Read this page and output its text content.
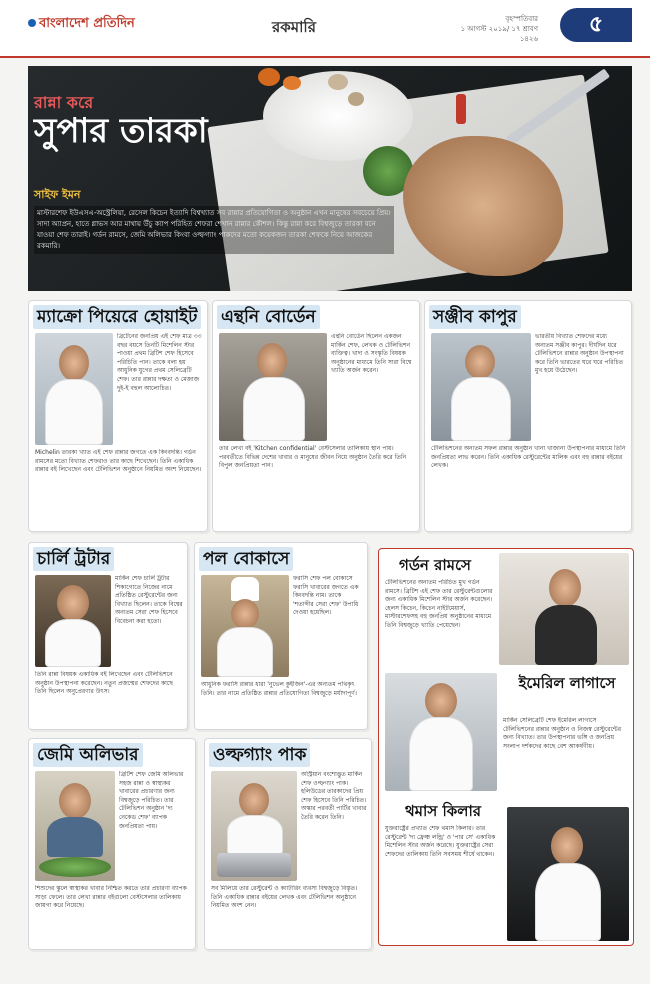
বাংলাদেশ প্রতিদিন	রকমারি	বৃহস্পতিবার
১ আগস্ট ২০১৯/ ১৭ শ্রাবণ ১৪২৬
৫
রান্না করে
সুপার তারকা
সাইফ ইমন
মাস্টারশেফ ইউএসএ-অস্ট্রেলিয়া, রেসেল কিচেন ইত্যাদি বিশ্বখ্যাত সব রান্নার প্রতিযোগিতা ও অনুষ্ঠান এখন মানুষের সবচেয়ে প্রিয়। সাদা অ্যাপ্রন, হাতে গ্লাভস আর মাথায় উঁচু ক্যাপ পরিহিত শেফরা শেখান রান্নার কৌশল। কিন্তু রান্না করে বিশ্বজুড়ে তারকা বনে যাওয়া শেফ তারাই। গর্ডন রামসে, জেমি অলিভার কিংবা ওল্ফগ্যাং পাকদের মতো কয়েকজন তারকা শেফকে নিয়ে আজকের রকমারি।
ম্যাক্রো পিয়েরে হোয়াইট
ব্রিটেনের জনপ্রিয় এই শেফ মাত্র ৩৩ বছর বয়সে তিনটি মিশেলিন স্টার পাওয়া প্রথম ব্রিটিশ শেফ হিসেবে পরিচিতি পান। তাকে বলা হয় আধুনিক যুগের প্রথম সেলিব্রেটি শেফ। তার রান্নার দক্ষতা ও মেজাজ দুই-ই বহুল আলোচিত।
Michelin তারকা খ্যাত এই শেফ রান্নার জগতে এক কিংবদন্তি। গর্ডন রামসের মতো বিখ্যাত শেফরাও তার কাছে শিখেছেন। তিনি একাধিক রান্নার বই লিখেছেন এবং টেলিভিশন অনুষ্ঠানে নিয়মিত অংশ নিয়েছেন।
এন্থনি বোর্ডেন
এন্থনি বোর্ডেন ছিলেন একজন মার্কিন শেফ, লেখক ও টেলিভিশন ব্যক্তিত্ব। খাদ্য ও সংস্কৃতি বিষয়ক অনুষ্ঠানের মাধ্যমে তিনি সারা বিশ্বে খ্যাতি অর্জন করেন।
তার লেখা বই 'Kitchen confidential' বেস্টসেলার তালিকায় স্থান পায়। পরবর্তীতে বিভিন্ন দেশের খাবার ও মানুষের জীবন নিয়ে অনুষ্ঠান তৈরি করে তিনি বিপুল জনপ্রিয়তা পান।
সঞ্জীব কাপুর
ভারতীয় বিখ্যাত শেফদের মধ্যে অন্যতম সঞ্জীব কাপুর। দীর্ঘদিন ধরে টেলিভিশনে রান্নার অনুষ্ঠান উপস্থাপনা করে তিনি ভারতের ঘরে ঘরে পরিচিত মুখ হয়ে উঠেছেন।
টেলিভিশনের অন্যতম সফল রান্নার অনুষ্ঠান খানা খাজানা উপস্থাপনার মাধ্যমে তিনি জনপ্রিয়তা লাভ করেন। তিনি একাধিক রেস্টুরেন্টের মালিক এবং বহু রান্নার বইয়ের লেখক।
চার্লি ট্রটার
মার্কিন শেফ চার্লি ট্রটার শিকাগোতে নিজের নামে প্রতিষ্ঠিত রেস্টুরেন্টের জন্য বিখ্যাত ছিলেন। তাকে বিশ্বের অন্যতম সেরা শেফ হিসেবে বিবেচনা করা হতো।
তিনি রান্না বিষয়ক একাধিক বই লিখেছেন এবং টেলিভিশনে অনুষ্ঠান উপস্থাপনা করেছেন। নতুন প্রজন্মের শেফদের কাছে তিনি ছিলেন অনুপ্রেরণার উৎস।
পল বোকাসে
ফরাসি শেফ পল বোকাসে ফরাসি খাবারের জগতে এক কিংবদন্তি নাম। তাকে 'শতাব্দীর সেরা শেফ' উপাধি দেওয়া হয়েছিল।
আধুনিক ফরাসি রান্নার ধারা 'নুভেল কুইজিন'-এর অন্যতম পথিকৃৎ তিনি। তার নামে প্রতিষ্ঠিত রান্নার প্রতিযোগিতা বিশ্বজুড়ে মর্যাদাপূর্ণ।
গর্ডন রামসে
টেলিভিশনের অন্যতম পরিচিত মুখ গর্ডন রামসে। ব্রিটিশ এই শেফ তার রেস্টুরেন্টগুলোর জন্য একাধিক মিশেলিন স্টার অর্জন করেছেন। হেলস কিচেন, কিচেন নাইটমেয়ার্স, মাস্টারশেফসহ বহু জনপ্রিয় অনুষ্ঠানের মাধ্যমে তিনি বিশ্বজুড়ে খ্যাতি পেয়েছেন।
ইমেরিল লাগাসে
মার্কিন সেলিব্রেটি শেফ ইমেরিল লাগাসে টেলিভিশনের রান্নার অনুষ্ঠান ও নিজস্ব রেস্টুরেন্টের জন্য বিখ্যাত। তার উপস্থাপনার ভঙ্গি ও জনপ্রিয় সংলাপ দর্শকদের কাছে বেশ আকর্ষণীয়।
থমাস কিলার
যুক্তরাষ্ট্রের প্রখ্যাত শেফ থমাস কিলার। তার রেস্টুরেন্ট 'দ্য ফ্রেঞ্চ লন্ড্রি' ও 'পার সে' একাধিক মিশেলিন স্টার অর্জন করেছে। যুক্তরাষ্ট্রের সেরা শেফদের তালিকায় তিনি সবসময় শীর্ষে থাকেন।
জেমি অলিভার
ব্রিটিশ শেফ জেমি অলিভার সহজ রান্না ও স্বাস্থ্যকর খাবারের প্রচারণার জন্য বিশ্বজুড়ে পরিচিত। তার টেলিভিশন অনুষ্ঠান 'দ্য নেকেড শেফ' ব্যাপক জনপ্রিয়তা পায়।
শিশুদের স্কুলে স্বাস্থ্যকর খাবার নিশ্চিত করতে তার প্রচারণা ব্যাপক সাড়া ফেলে। তার লেখা রান্নার বইগুলো বেস্টসেলার তালিকায় জায়গা করে নিয়েছে।
ওল্ফগ্যাং পাক
অস্ট্রিয়ান বংশোদ্ভূত মার্কিন শেফ ওল্ফগ্যাং পাক। হলিউডের তারকাদের প্রিয় শেফ হিসেবে তিনি পরিচিত। অস্কার পরবর্তী পার্টির খাবার তৈরি করেন তিনি।
সব মিলিয়ে তার রেস্টুরেন্ট ও ক্যাটারিং ব্যবসা বিশ্বজুড়ে বিস্তৃত। তিনি একাধিক রান্নার বইয়ের লেখক এবং টেলিভিশন অনুষ্ঠানে নিয়মিত অংশ নেন।
